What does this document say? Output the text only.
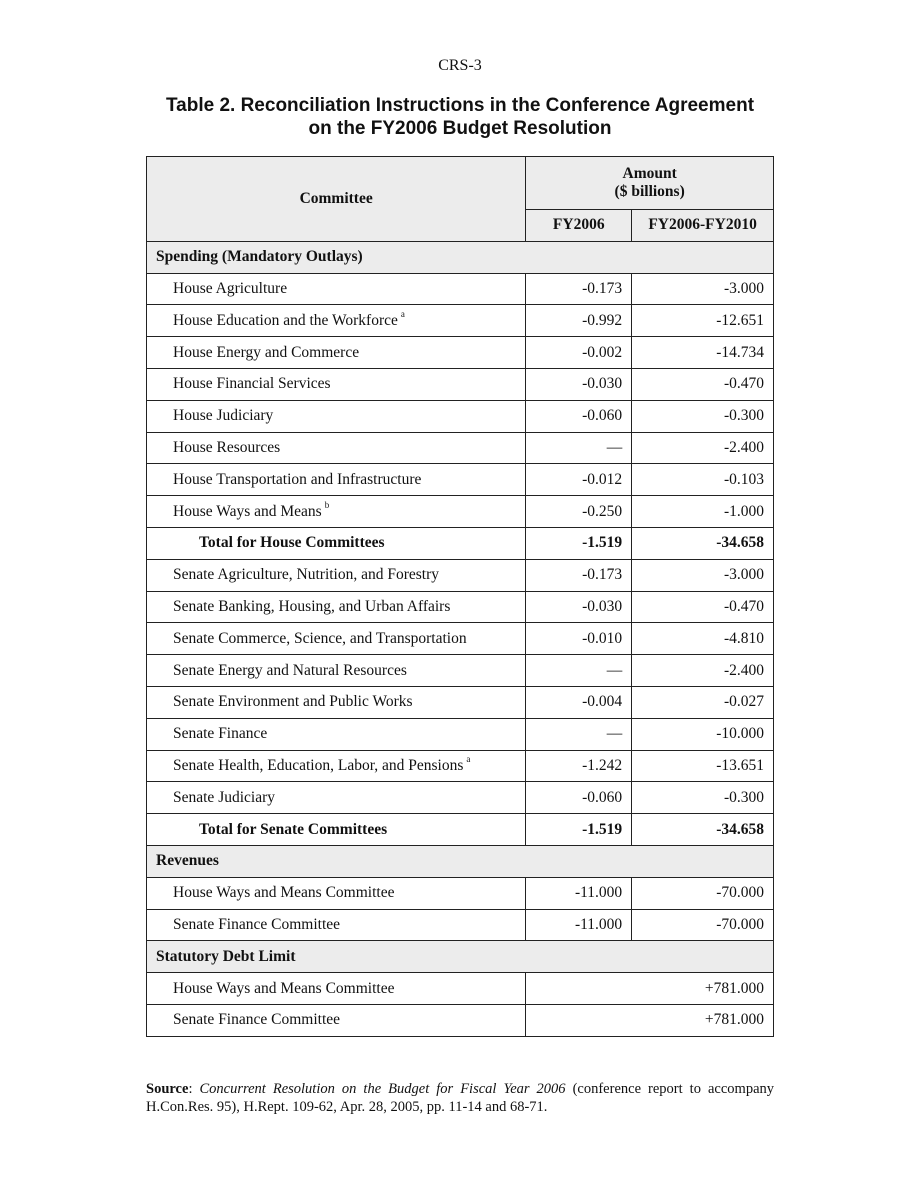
CRS-3
Table 2. Reconciliation Instructions in the Conference Agreement
on the FY2006 Budget Resolution
Committee	Amount
($ billions)	

	FY2006	FY2006-FY2010
Spending (Mandatory Outlays)		
House Agriculture	-0.173	-3.000
House Education and the Workforce $^a$	-0.992	-12.651
House Energy and Commerce	-0.002	-14.734
House Financial Services	-0.030	-0.470
House Judiciary	-0.060	-0.300
House Resources	—	-2.400
House Transportation and Infrastructure	-0.012	-0.103
House Ways and Means $^b$	-0.250	-1.000
Total for House Committees	-1.519	-34.658
Senate Agriculture, Nutrition, and Forestry	-0.173	-3.000
Senate Banking, Housing, and Urban Affairs	-0.030	-0.470
Senate Commerce, Science, and Transportation	-0.010	-4.810
Senate Energy and Natural Resources	—	-2.400
Senate Environment and Public Works	-0.004	-0.027
Senate Finance	—	-10.000
Senate Health, Education, Labor, and Pensions $^a$	-1.242	-13.651
Senate Judiciary	-0.060	-0.300
Total for Senate Committees	-1.519	-34.658
Revenues		
House Ways and Means Committee	-11.000	-70.000
Senate Finance Committee	-11.000	-70.000
Statutory Debt Limit		
House Ways and Means Committee	+781.000	
Senate Finance Committee	+781.000	
Source: Concurrent Resolution on the Budget for Fiscal Year 2006 (conference report to accompany H.Con.Res. 95), H.Rept. 109-62, Apr. 28, 2005, pp. 11-14 and 68-71.
